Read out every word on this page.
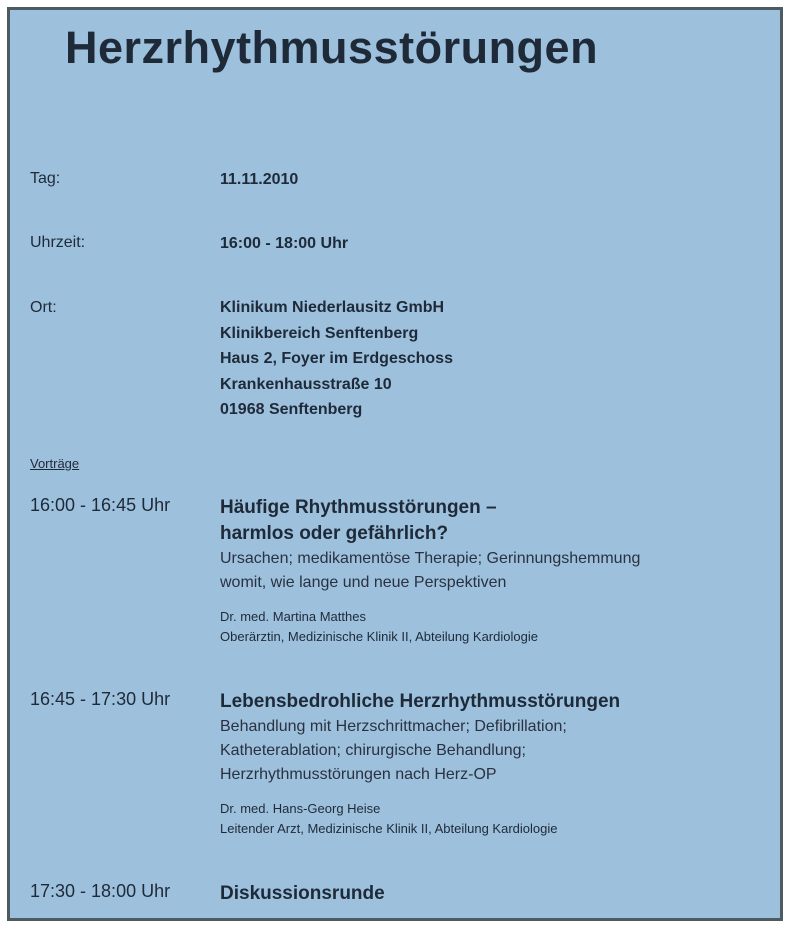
Herzrhythmusstörungen
Tag:	11.11.2010
Uhrzeit:	16:00 - 18:00 Uhr
Ort:	Klinikum Niederlausitz GmbH
Klinikbereich Senftenberg
Haus 2, Foyer im Erdgeschoss
Krankenhausstraße 10
01968 Senftenberg
Vorträge
16:00 - 16:45 Uhr	Häufige Rhythmusstörungen –
harmlos oder gefährlich?
Ursachen; medikamentöse Therapie; Gerinnungshemmung
womit, wie lange und neue Perspektiven
Dr. med. Martina Matthes
Oberärztin, Medizinische Klinik II, Abteilung Kardiologie
16:45 - 17:30 Uhr	Lebensbedrohliche Herzrhythmusstörungen
Behandlung mit Herzschrittmacher; Defibrillation;
Katheterablation; chirurgische Behandlung;
Herzrhythmusstörungen nach Herz-OP
Dr. med. Hans-Georg Heise
Leitender Arzt, Medizinische Klinik II, Abteilung Kardiologie
17:30 - 18:00 Uhr	Diskussionsrunde
